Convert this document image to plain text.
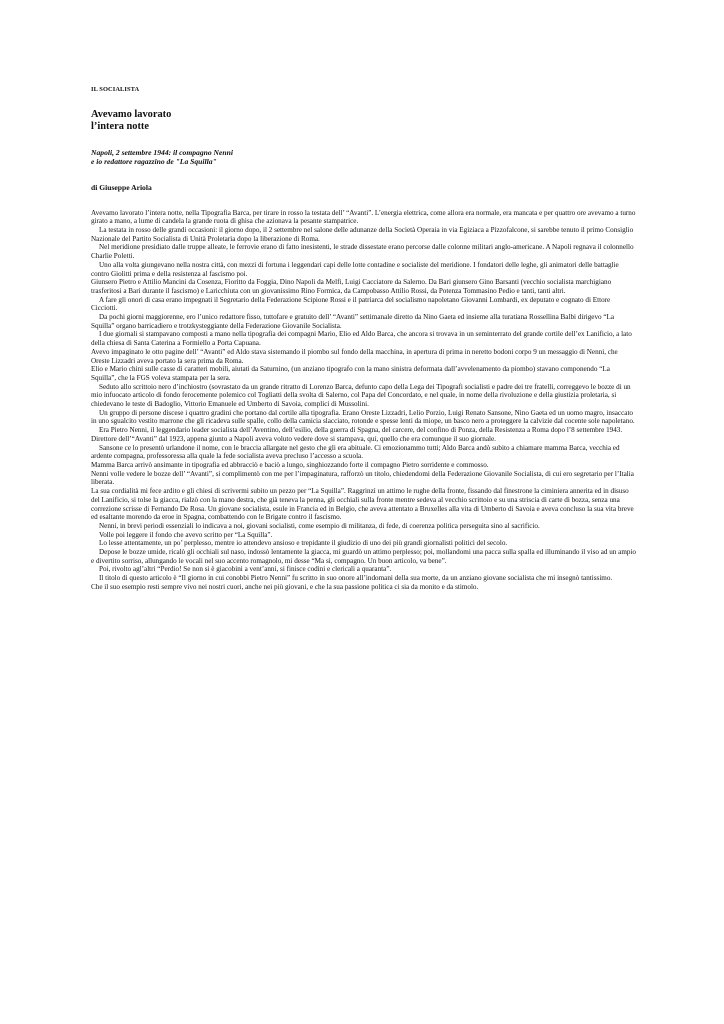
IL SOCIALISTA
Avevamo lavorato
l’intera notte
Napoli, 2 settembre 1944: il compagno Nenni
e io redattore ragazzino de "La Squilla"
di Giuseppe Ariola

Avevamo lavorato l’intera notte, nella Tipografia Barca, per tirare in rosso la testata dell’ “Avanti”. L’energia elettrica, come allora era normale, era mancata e per quattro ore avevamo a turno girato a mano, a lume di candela la grande ruota di ghisa che azionava la pesante stampatrice.

La testata in rosso delle grandi occasioni: il giorno dopo, il 2 settembre nel salone delle adunanze della Società Operaia in via Egiziaca a Pizzofalcone, si sarebbe tenuto il primo Consiglio Nazionale del Partito Socialista di Unità Proletaria dopo la liberazione di Roma.

Nel meridione presidiato dalle truppe alleate, le ferrovie erano di fatto inesistenti, le strade dissestate erano percorse dalle colonne militari anglo-americane. A Napoli regnava il colonnello Charlie Poletti.

Uno alla volta giungevano nella nostra città, con mezzi di fortuna i leggendari capi delle lotte contadine e socialiste del meridione. I fondatori delle leghe, gli animatori delle battaglie contro Giolitti prima e della resistenza al fascismo poi.

Giunsero Pietro e Attilio Mancini da Cosenza, Fioritto da Foggia, Dino Napoli da Melfi, Luigi Cacciatore da Salerno. Da Bari giunsero Gino Barsanti (vecchio socialista marchigiano trasferitosi a Bari durante il fascismo) e Laricchiuta con un giovanissimo Rino Formica, da Campobasso Attilio Rossi, da Potenza Tommasino Pedio e tanti, tanti altri.

A fare gli onori di casa erano impegnati il Segretario della Federazione Scipione Rossi e il patriarca del socialismo napoletano Giovanni Lombardi, ex deputato e cognato di Ettore Cicciotti.

Da pochi giorni maggiorenne, ero l’unico redattore fisso, tuttofare e gratuito dell’ “Avanti” settimanale diretto da Nino Gaeta ed insieme alla turatiana Rossellina Balbi dirigevo “La Squilla” organo barricadiero e trotzkysteggiante della Federazione Giovanile Socialista.

I due giornali si stampavano composti a mano nella tipografia dei compagni Mario, Elio ed Aldo Barca, che ancora si trovava in un seminterrato del grande cortile dell’ex Lanificio, a lato della chiesa di Santa Caterina a Formiello a Porta Capuana.

Avevo impaginato le otto pagine dell’ “Avanti” ed Aldo stava sistemando il piombo sul fondo della macchina, in apertura di prima in neretto bodoni corpo 9 un messaggio di Nenni, che Oreste Lizzadri aveva portato la sera prima da Roma.

Elio e Mario chini sulle casse di caratteri mobili, aiutati da Saturnino, (un anziano tipografo con la mano sinistra deformata dall’avvelenamento da piombo) stavano componendo “La Squilla”, che la FGS voleva stampata per la sera.

Seduto allo scrittoio nero d’inchiostro (sovrastato da un grande ritratto di Lorenzo Barca, defunto capo della Lega dei Tipografi socialisti e padre dei tre fratelli, correggevo le bozze di un mio infuocato articolo di fondo ferocemente polemico col Togliatti della svolta di Salerno, col Papa del Concordato, e nel quale, in nome della rivoluzione e della giustizia proletaria, si chiedevano le teste di Badoglio, Vittorio Emanuele ed Umberto di Savoia, complici di Mussolini.

Un gruppo di persone discese i quattro gradini che portano dal cortile alla tipografia. Erano Oreste Lizzadri, Lelio Porzio, Luigi Renato Sansone, Nino Gaeta ed un uomo magro, insaccato in uno sgualcito vestito marrone che gli ricadeva sulle spalle, collo della camicia slacciato, rotonde e spesse lenti da miope, un basco nero a proteggere la calvizie dal cocente sole napoletano.

Era Pietro Nenni, il leggendario leader socialista dell’Aventino, dell’esilio, della guerra di Spagna, del carcere, del confino di Ponza, della Resistenza a Roma dopo l’8 settembre 1943. Direttore dell’“Avanti” dal 1923, appena giunto a Napoli aveva voluto vedere dove si stampava, qui, quello che era comunque il suo giornale.

Sansone ce lo presentò urlandone il nome, con le braccia allargate nel gesto che gli era abituale. Ci emozionammo tutti; Aldo Barca andò subito a chiamare mamma Barca, vecchia ed ardente compagna, professoressa alla quale la fede socialista aveva precluso l’accesso a scuola.

Mamma Barca arrivò ansimante in tipografia ed abbracciò e baciò a lungo, singhiozzando forte il compagno Pietro sorridente e commosso.

Nenni volle vedere le bozze dell’ “Avanti”, si complimentò con me per l’impaginatura, rafforzò un titolo, chiedendomi della Federazione Giovanile Socialista, di cui ero segretario per l’Italia liberata.

La sua cordialità mi fece ardito e gli chiesi di scrivermi subito un pezzo per “La Squilla”. Raggrinzì un attimo le rughe della fronte, fissando dal finestrone la ciminiera annerita ed in disuso del Lanificio, si tolse la giacca, rialzò con la mano destra, che già teneva la penna, gli occhiali sulla fronte mentre sedeva al vecchio scrittoio e su una striscia di carte di bozza, senza una correzione scrisse di Fernando De Rosa. Un giovane socialista, esule in Francia ed in Belgio, che aveva attentato a Bruxelles alla vita di Umberto di Savoia e aveva concluso la sua vita breve ed esaltante morendo da eroe in Spagna, combattendo con le Brigate contro il fascismo.

Nenni, in brevi periodi essenziali lo indicava a noi, giovani socialisti, come esempio di militanza, di fede, di coerenza politica perseguita sino al sacrificio.

Volle poi leggere il fondo che avevo scritto per “La Squilla”.

Lo lesse attentamente, un po’ perplesso, mentre io attendevo ansioso e trepidante il giudizio di uno dei più grandi giornalisti politici del secolo.

Depose le bozze umide, ricalò gli occhiali sul naso, indossò lentamente la giacca, mi guardò un attimo perplesso; poi, mollandomi una pacca sulla spalla ed illuminando il viso ad un ampio e divertito sorriso, allungando le vocali nel suo accento romagnolo, mi desse “Ma sì, compagno. Un buon articolo, va bene”.

Poi, rivolto agl’altri “Perdio! Se non si è giacobini a vent’anni, si finisce codini e clericali a quaranta”.

Il titolo di questo articolo è “Il giorno in cui conobbi Pietro Nenni” fu scritto in suo onore all’indomani della sua morte, da un anziano giovane socialista che mi insegnò tantissimo.

Che il suo esempio resti sempre vivo nei nostri cuori, anche nei più giovani, e che la sua passione politica ci sia da monito e da stimolo.
